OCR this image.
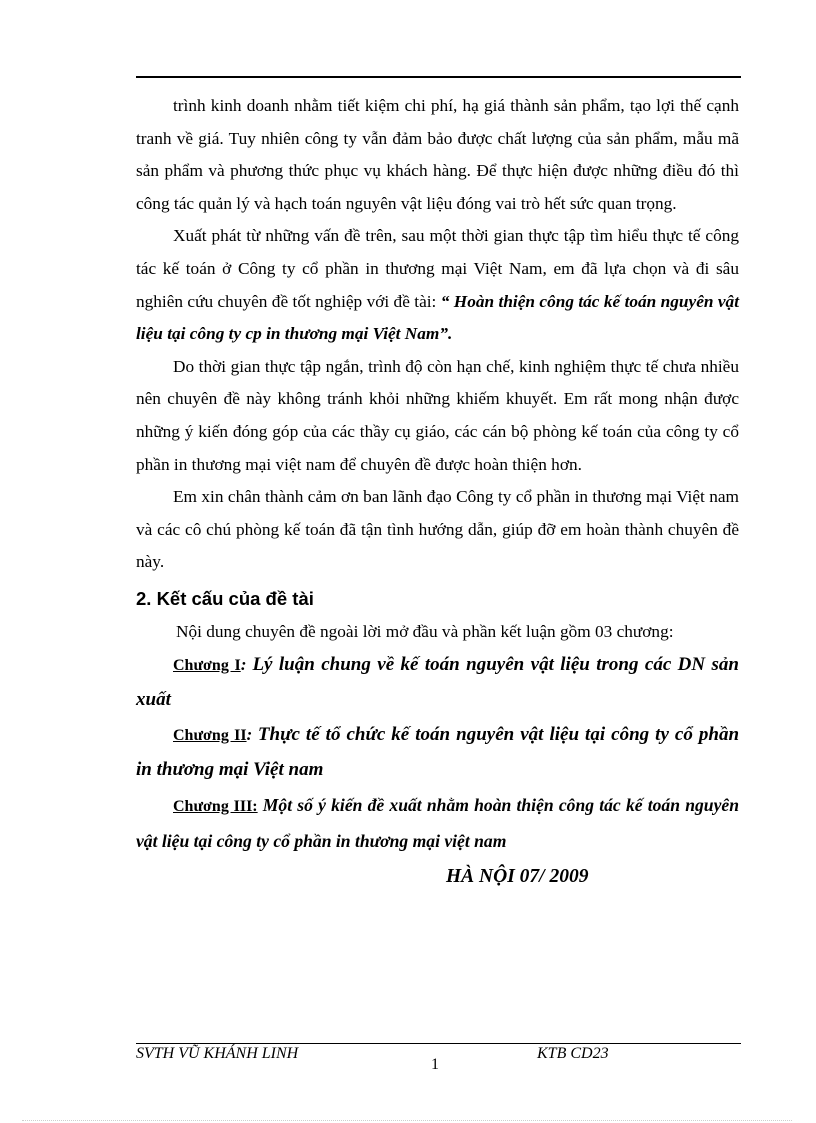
trình kinh doanh nhằm tiết kiệm chi phí, hạ giá thành sản phẩm, tạo lợi thế cạnh tranh về giá. Tuy nhiên công ty vẫn đảm bảo được chất lượng của sản phẩm, mẫu mã sản phẩm và phương thức phục vụ khách hàng. Để thực hiện được những điều đó thì công tác quản lý và hạch toán nguyên vật liệu đóng vai trò hết sức quan trọng.

Xuất phát từ những vấn đề trên, sau một thời gian thực tập tìm hiểu thực tế công tác kế toán ở Công ty cổ phần in thương mại Việt Nam, em đã lựa chọn và đi sâu nghiên cứu chuyên đề tốt nghiệp với đề tài: “ Hoàn thiện công tác kế toán nguyên vật liệu tại công ty cp in thương mại Việt Nam”.

Do thời gian thực tập ngắn, trình độ còn hạn chế, kinh nghiệm thực tế chưa nhiều nên chuyên đề này không tránh khỏi những khiếm khuyết. Em rất mong nhận được những ý kiến đóng góp của các thầy cụ giáo, các cán bộ phòng kế toán của công ty cổ phần in thương mại việt nam để chuyên đề được hoàn thiện hơn.

Em xin chân thành cảm ơn ban lãnh đạo Công ty cổ phần in thương mại Việt nam và các cô chú phòng kế toán đã tận tình hướng dẫn, giúp đỡ em hoàn thành chuyên đề này.

2. Kết cấu của đề tài

Nội dung chuyên đề ngoài lời mở đầu và phần kết luận gồm 03 chương:

Chương I: Lý luận chung về kế toán nguyên vật liệu trong các DN sản xuất

Chương II: Thực tế tổ chức kế toán nguyên vật liệu tại công ty cổ phần in thương mại Việt nam

Chương III: Một số ý kiến đề xuất nhằm hoàn thiện công tác kế toán nguyên vật liệu tại công ty cổ phần in thương mại việt nam

HÀ NỘI 07/ 2009

SVTH VŨ KHÁNH LINH
1
KTB CD23
